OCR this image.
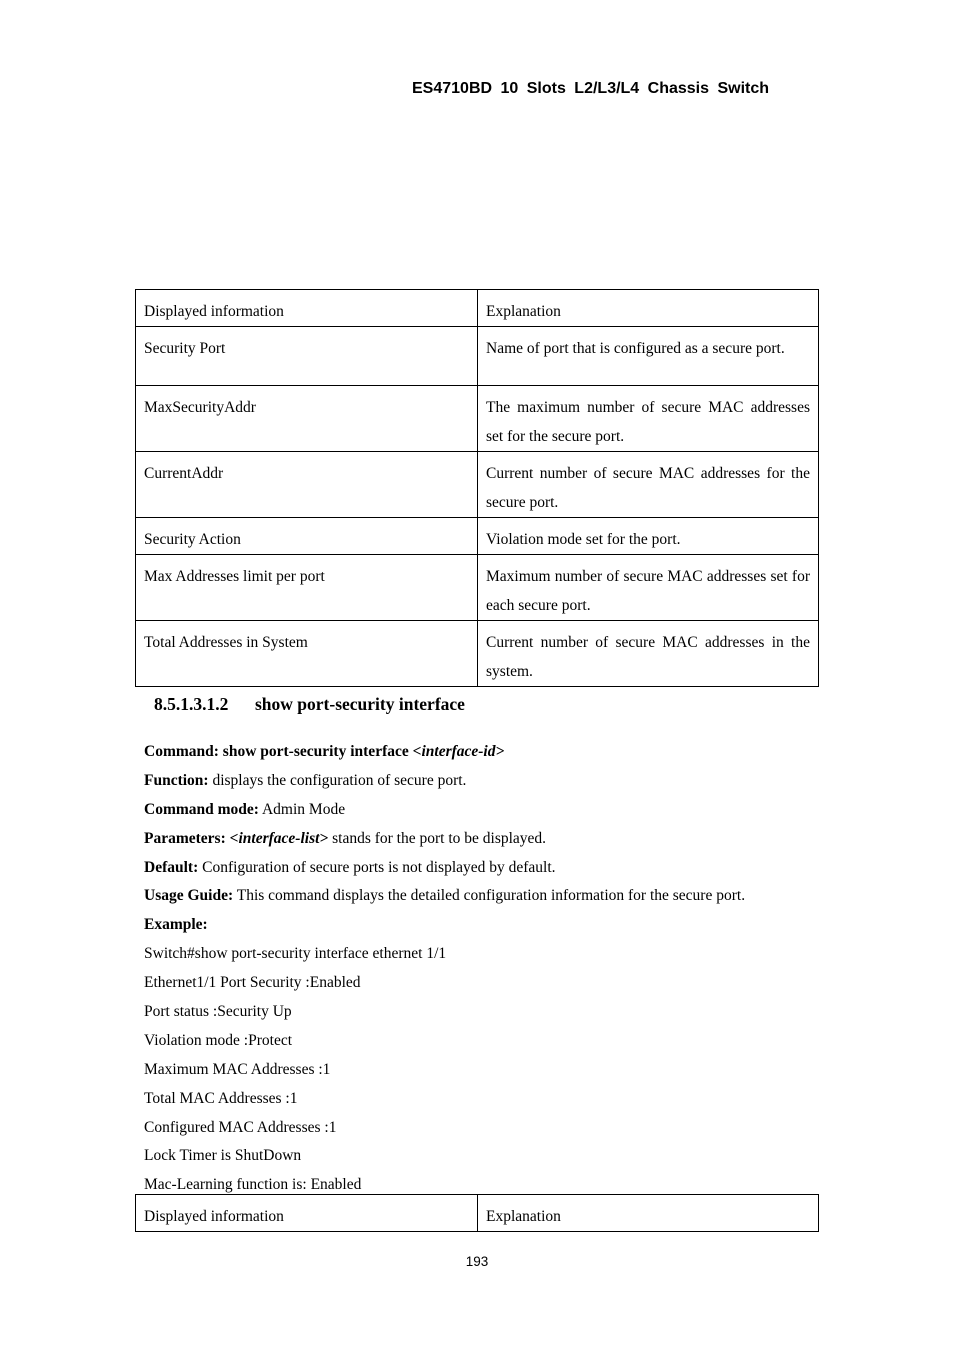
ES4710BD 10 Slots L2/L3/L4 Chassis Switch
Displayed information	Explanation
Security Port	Name of port that is configured as a secure port.
MaxSecurityAddr	The maximum number of secure MAC addresses set for the secure port.
CurrentAddr	Current number of secure MAC addresses for the secure port.
Security Action	Violation mode set for the port.
Max Addresses limit per port	Maximum number of secure MAC addresses set for each secure port.
Total Addresses in System	Current number of secure MAC addresses in the system.
8.5.1.3.1.2 show port-security interface
Command: show port-security interface <interface-id>
Function: displays the configuration of secure port.
Command mode: Admin Mode
Parameters: <interface-list> stands for the port to be displayed.
Default: Configuration of secure ports is not displayed by default.
Usage Guide: This command displays the detailed configuration information for the secure port.
Example:
Switch#show port-security interface ethernet 1/1
Ethernet1/1 Port Security :Enabled
Port status :Security Up
Violation mode :Protect
Maximum MAC Addresses :1
Total MAC Addresses :1
Configured MAC Addresses :1
Lock Timer is ShutDown
Mac-Learning function is: Enabled
Displayed information	Explanation
193
